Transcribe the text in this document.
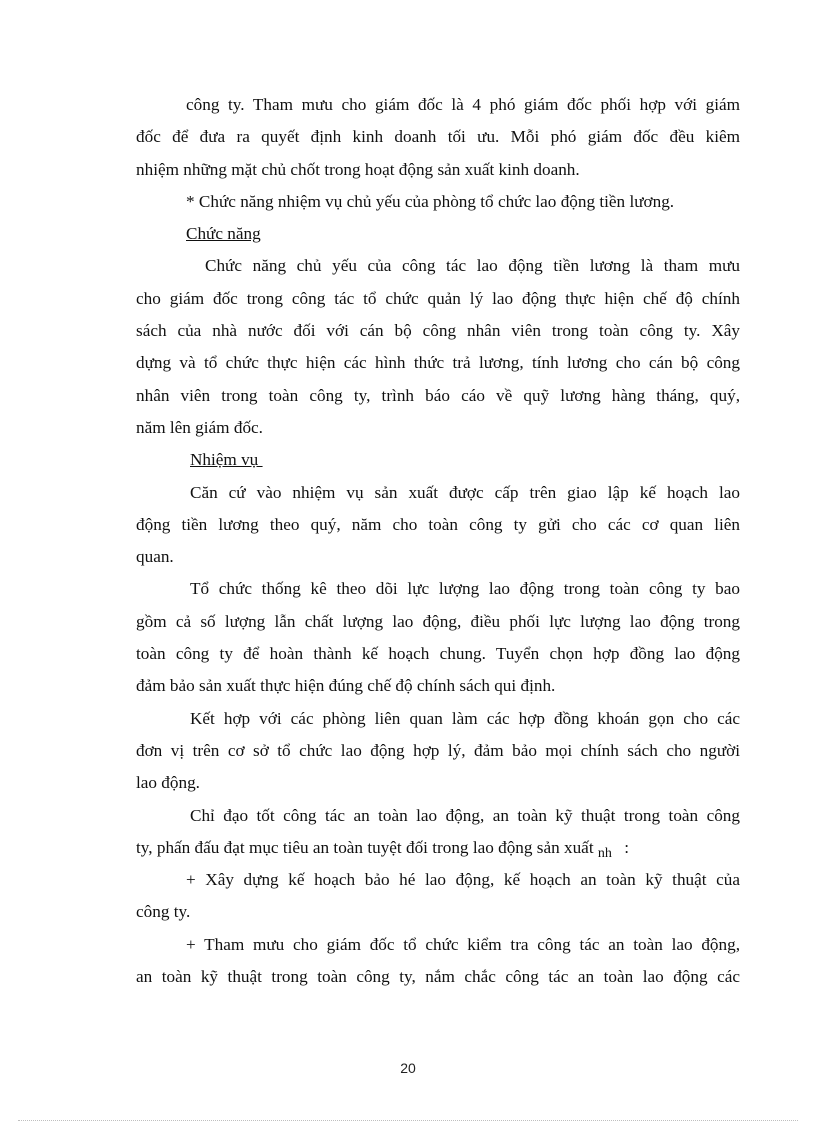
công ty. Tham mưu cho giám đốc là 4 phó giám đốc phối hợp với giám
đốc để đưa ra quyết định kinh doanh tối ưu. Mỗi phó giám đốc đều kiêm
nhiệm những mặt chủ chốt trong hoạt động sản xuất kinh doanh.
* Chức năng nhiệm vụ chủ yếu của phòng tổ chức lao động tiền lương.
Chức năng
Chức năng chủ yếu của công tác lao động tiền lương là tham mưu
cho giám đốc trong công tác tổ chức quản lý lao động thực hiện chế độ chính
sách của nhà nước đối với cán bộ công nhân viên trong toàn công ty. Xây
dựng và tổ chức thực hiện các hình thức trả lương, tính lương cho cán bộ công
nhân viên trong toàn công ty, trình báo cáo về quỹ lương hàng tháng, quý,
năm lên giám đốc.
Nhiệm vụ
Căn cứ vào nhiệm vụ sản xuất được cấp trên giao lập kế hoạch lao
động tiền lương theo quý, năm cho toàn công ty gửi cho các cơ quan liên
quan.
Tổ chức thống kê theo dõi lực lượng lao động trong toàn công ty bao
gồm cả số lượng lẫn chất lượng lao động, điều phối lực lượng lao động trong
toàn công ty để hoàn thành kế hoạch chung. Tuyển chọn hợp đồng lao động
đảm bảo sản xuất thực hiện đúng chế độ chính sách qui định.
Kết hợp với các phòng liên quan làm các hợp đồng khoán gọn cho các
đơn vị trên cơ sở tổ chức lao động hợp lý, đảm bảo mọi chính sách cho người
lao động.
Chỉ đạo tốt công tác an toàn lao động, an toàn kỹ thuật trong toàn công
ty, phấn đấu đạt mục tiêu an toàn tuyệt đối trong lao động sản xuất $_{nh}$ :
+ Xây dựng kế hoạch bảo hé lao động, kế hoạch an toàn kỹ thuật của
công ty.
+ Tham mưu cho giám đốc tổ chức kiểm tra công tác an toàn lao động,
an toàn kỹ thuật trong toàn công ty, nắm chắc công tác an toàn lao động các
20
